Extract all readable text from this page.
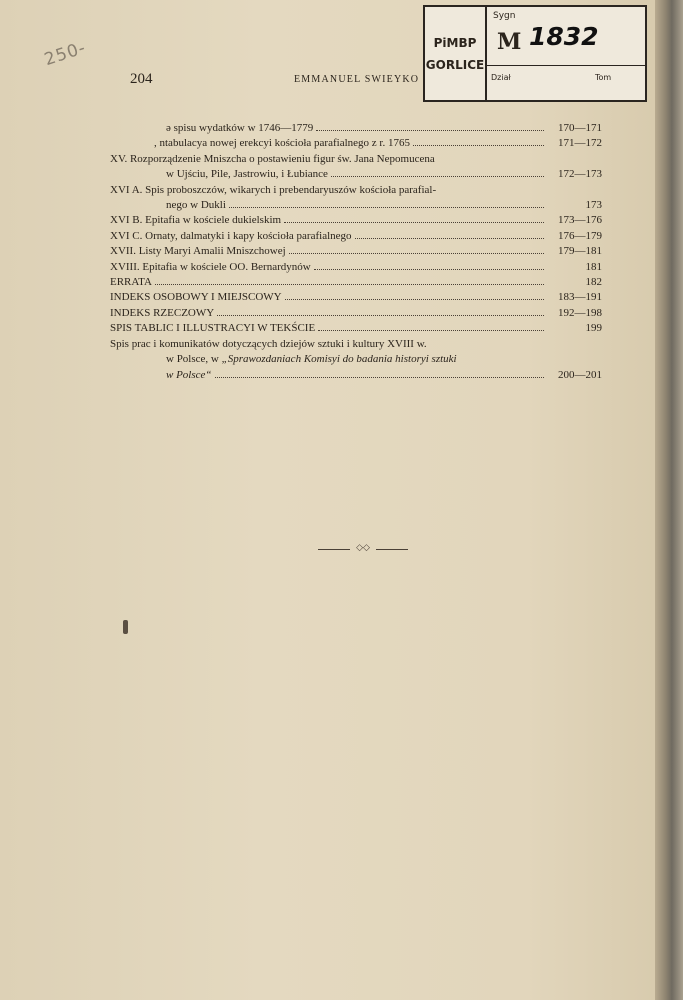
250-
204	EMMANUEL SWIEYKO
PiMBP
GORLICE
Sygn
M 1832
Dział	Tom
ə spisu wydatków w 1746—1779	170—171
, ntabulacya nowej erekcyi kościoła parafialnego z r. 1765	171—172
XV. Rozporządzenie Mniszcha o postawieniu figur św. Jana Nepomucena
w Ujściu, Pile, Jastrowiu, i Łubiance	172—173
XVI A. Spis proboszczów, wikarych i prebendaryuszów kościoła parafial-
nego w Dukli	173
XVI B. Epitafia w kościele dukielskim	173—176
XVI C. Ornaty, dalmatyki i kapy kościoła parafialnego	176—179
XVII. Listy Maryi Amalii Mniszchowej	179—181
XVIII. Epitafia w kościele OO. Bernardynów	181
ERRATA	182
INDEKS OSOBOWY I MIEJSCOWY	183—191
INDEKS RZECZOWY	192—198
SPIS TABLIC I ILLUSTRACYI W TEKŚCIE	199
Spis prac i komunikatów dotyczących dziejów sztuki i kultury XVIII w.
w Polsce, w „Sprawozdaniach Komisyi do badania historyi sztuki
w Polsce“	200—201
◇◇
